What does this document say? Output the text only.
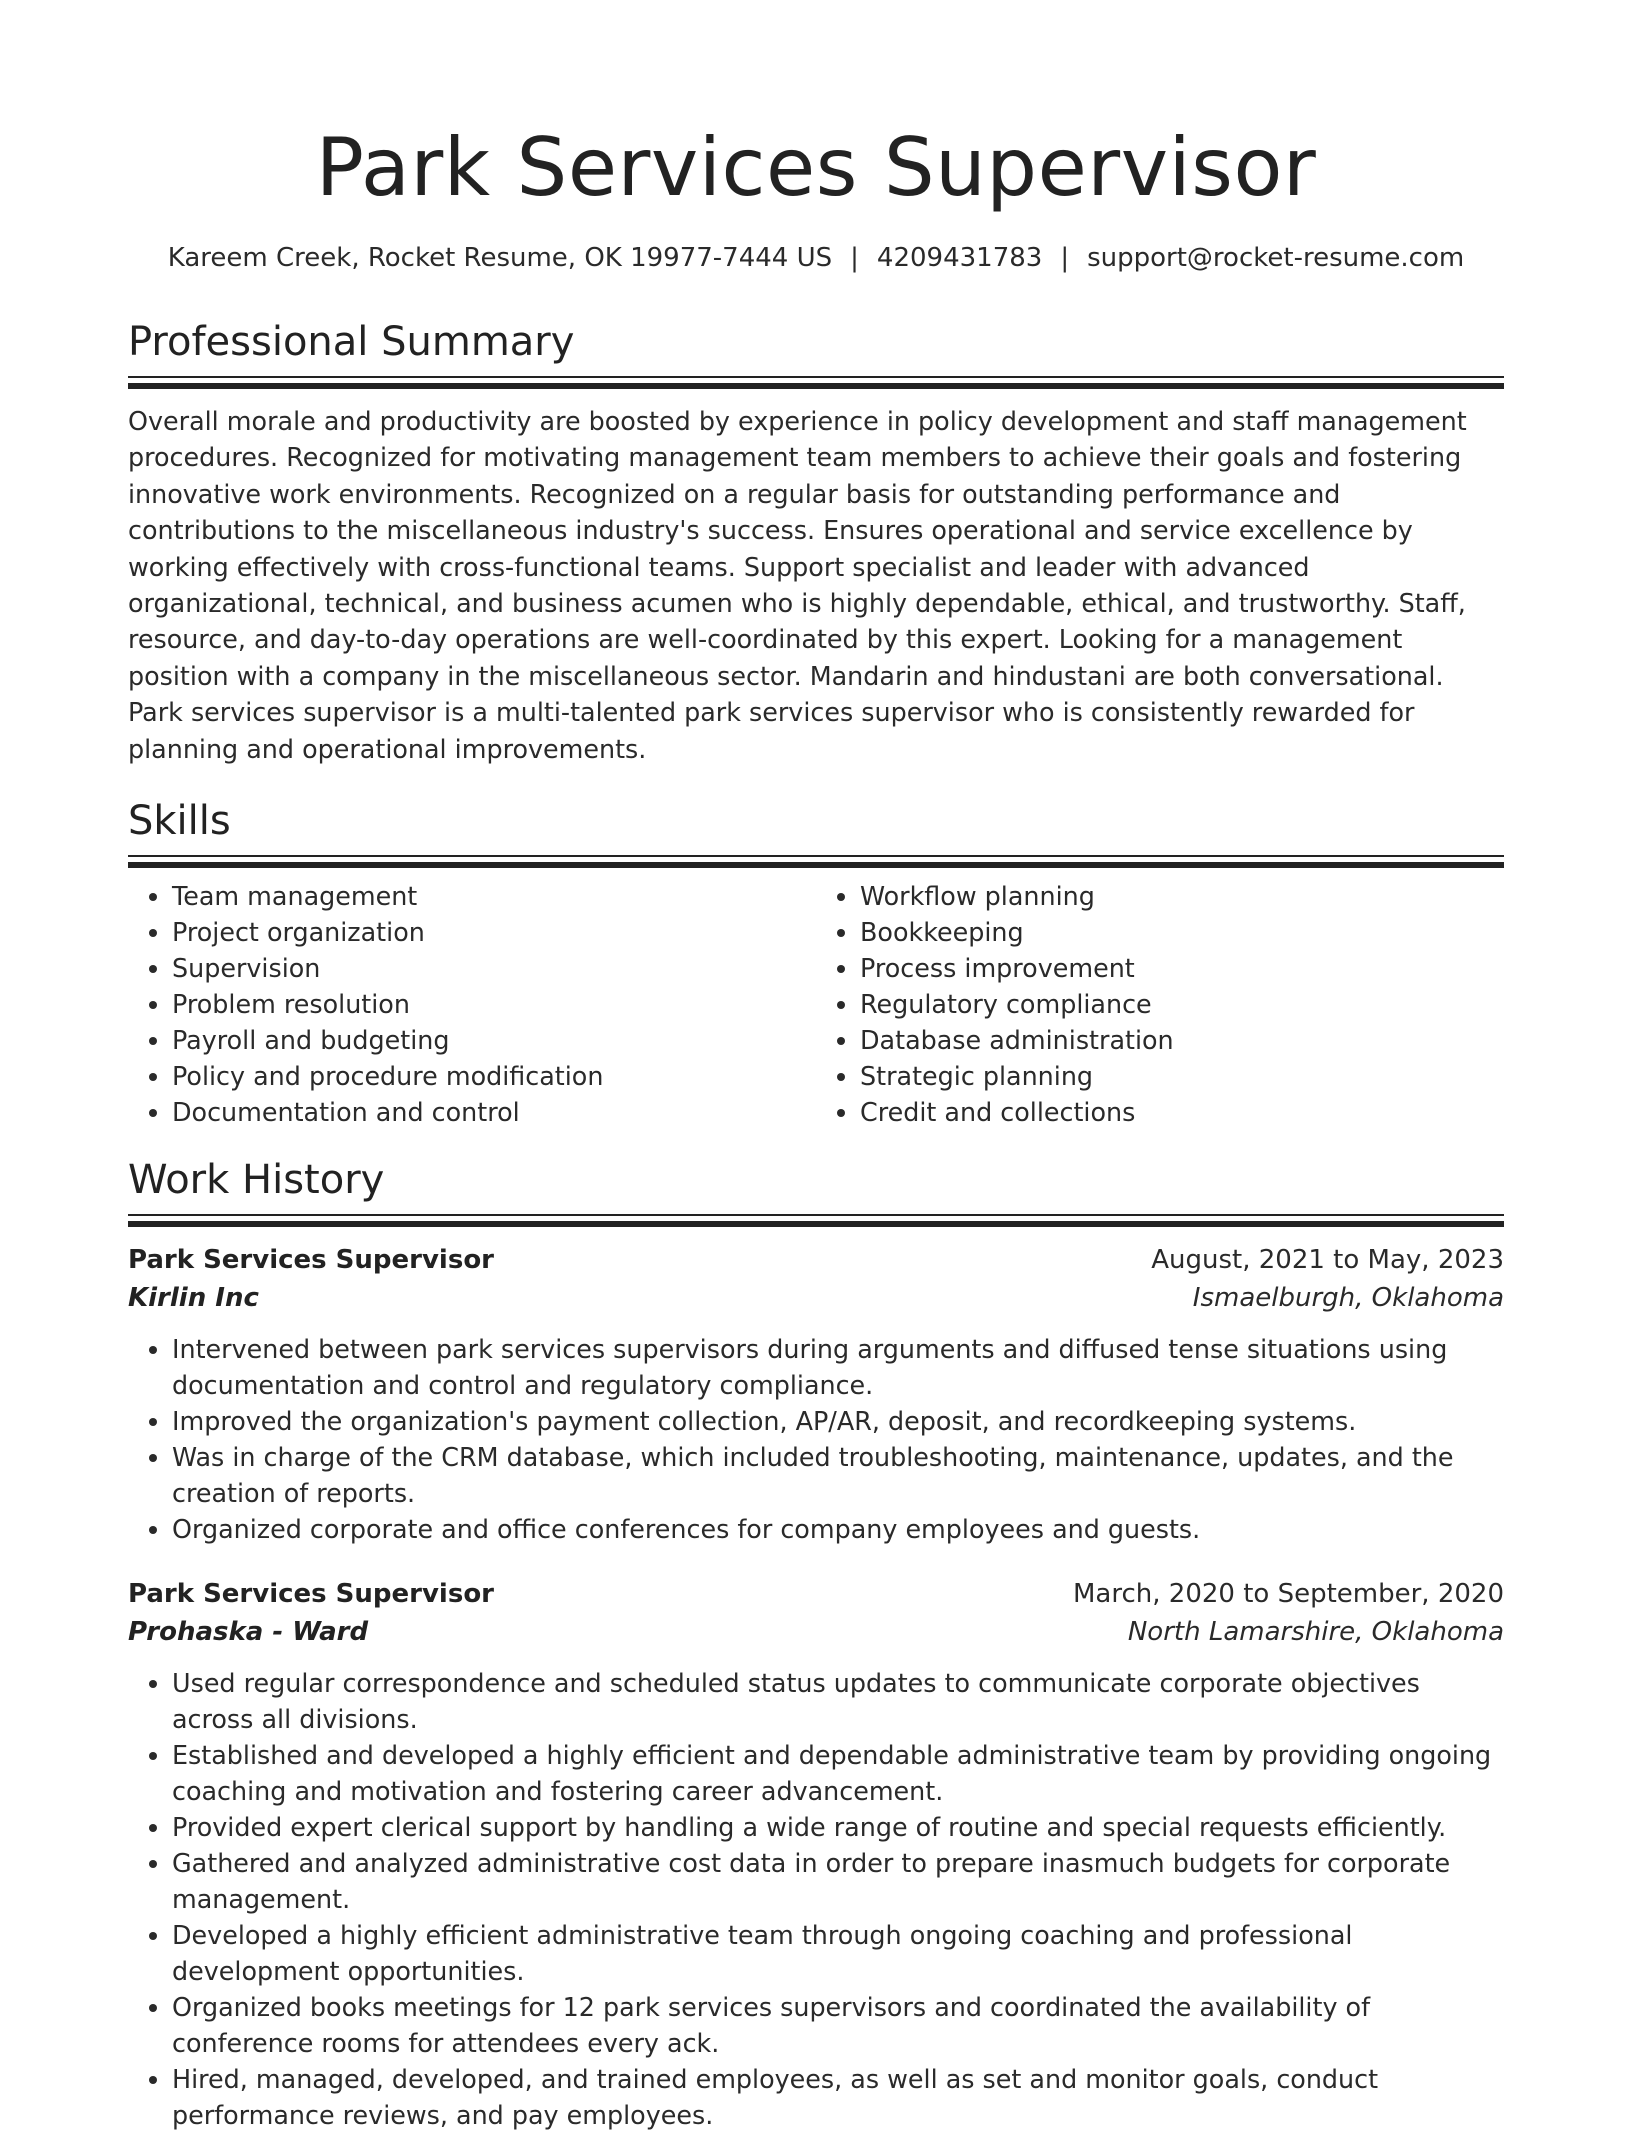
Park Services Supervisor
Kareem Creek, Rocket Resume, OK 19977-7444 US | 4209431783 | support@rocket-resume.com
Professional Summary

Overall morale and productivity are boosted by experience in policy development and staff management procedures. Recognized for motivating management team members to achieve their goals and fostering innovative work environments. Recognized on a regular basis for outstanding performance and contributions to the miscellaneous industry's success. Ensures operational and service excellence by working effectively with cross-functional teams. Support specialist and leader with advanced organizational, technical, and business acumen who is highly dependable, ethical, and trustworthy. Staff, resource, and day-to-day operations are well-coordinated by this expert. Looking for a management position with a company in the miscellaneous sector. Mandarin and hindustani are both conversational. Park services supervisor is a multi-talented park services supervisor who is consistently rewarded for planning and operational improvements.

Skills
• Team management
• Project organization
• Supervision
• Problem resolution
• Payroll and budgeting
• Policy and procedure modification
• Documentation and control
• Workflow planning
• Bookkeeping
• Process improvement
• Regulatory compliance
• Database administration
• Strategic planning
• Credit and collections
Work History
Park Services Supervisor	August, 2021 to May, 2023
Kirlin Inc	Ismaelburgh, Oklahoma
• Intervened between park services supervisors during arguments and diffused tense situations using documentation and control and regulatory compliance.
• Improved the organization's payment collection, AP/AR, deposit, and recordkeeping systems.
• Was in charge of the CRM database, which included troubleshooting, maintenance, updates, and the creation of reports.
• Organized corporate and office conferences for company employees and guests.
Park Services Supervisor	March, 2020 to September, 2020
Prohaska - Ward	North Lamarshire, Oklahoma
• Used regular correspondence and scheduled status updates to communicate corporate objectives across all divisions.
• Established and developed a highly efficient and dependable administrative team by providing ongoing coaching and motivation and fostering career advancement.
• Provided expert clerical support by handling a wide range of routine and special requests efficiently.
• Gathered and analyzed administrative cost data in order to prepare inasmuch budgets for corporate management.
• Developed a highly efficient administrative team through ongoing coaching and professional development opportunities.
• Organized books meetings for 12 park services supervisors and coordinated the availability of conference rooms for attendees every ack.
• Hired, managed, developed, and trained employees, as well as set and monitor goals, conduct performance reviews, and pay employees.
